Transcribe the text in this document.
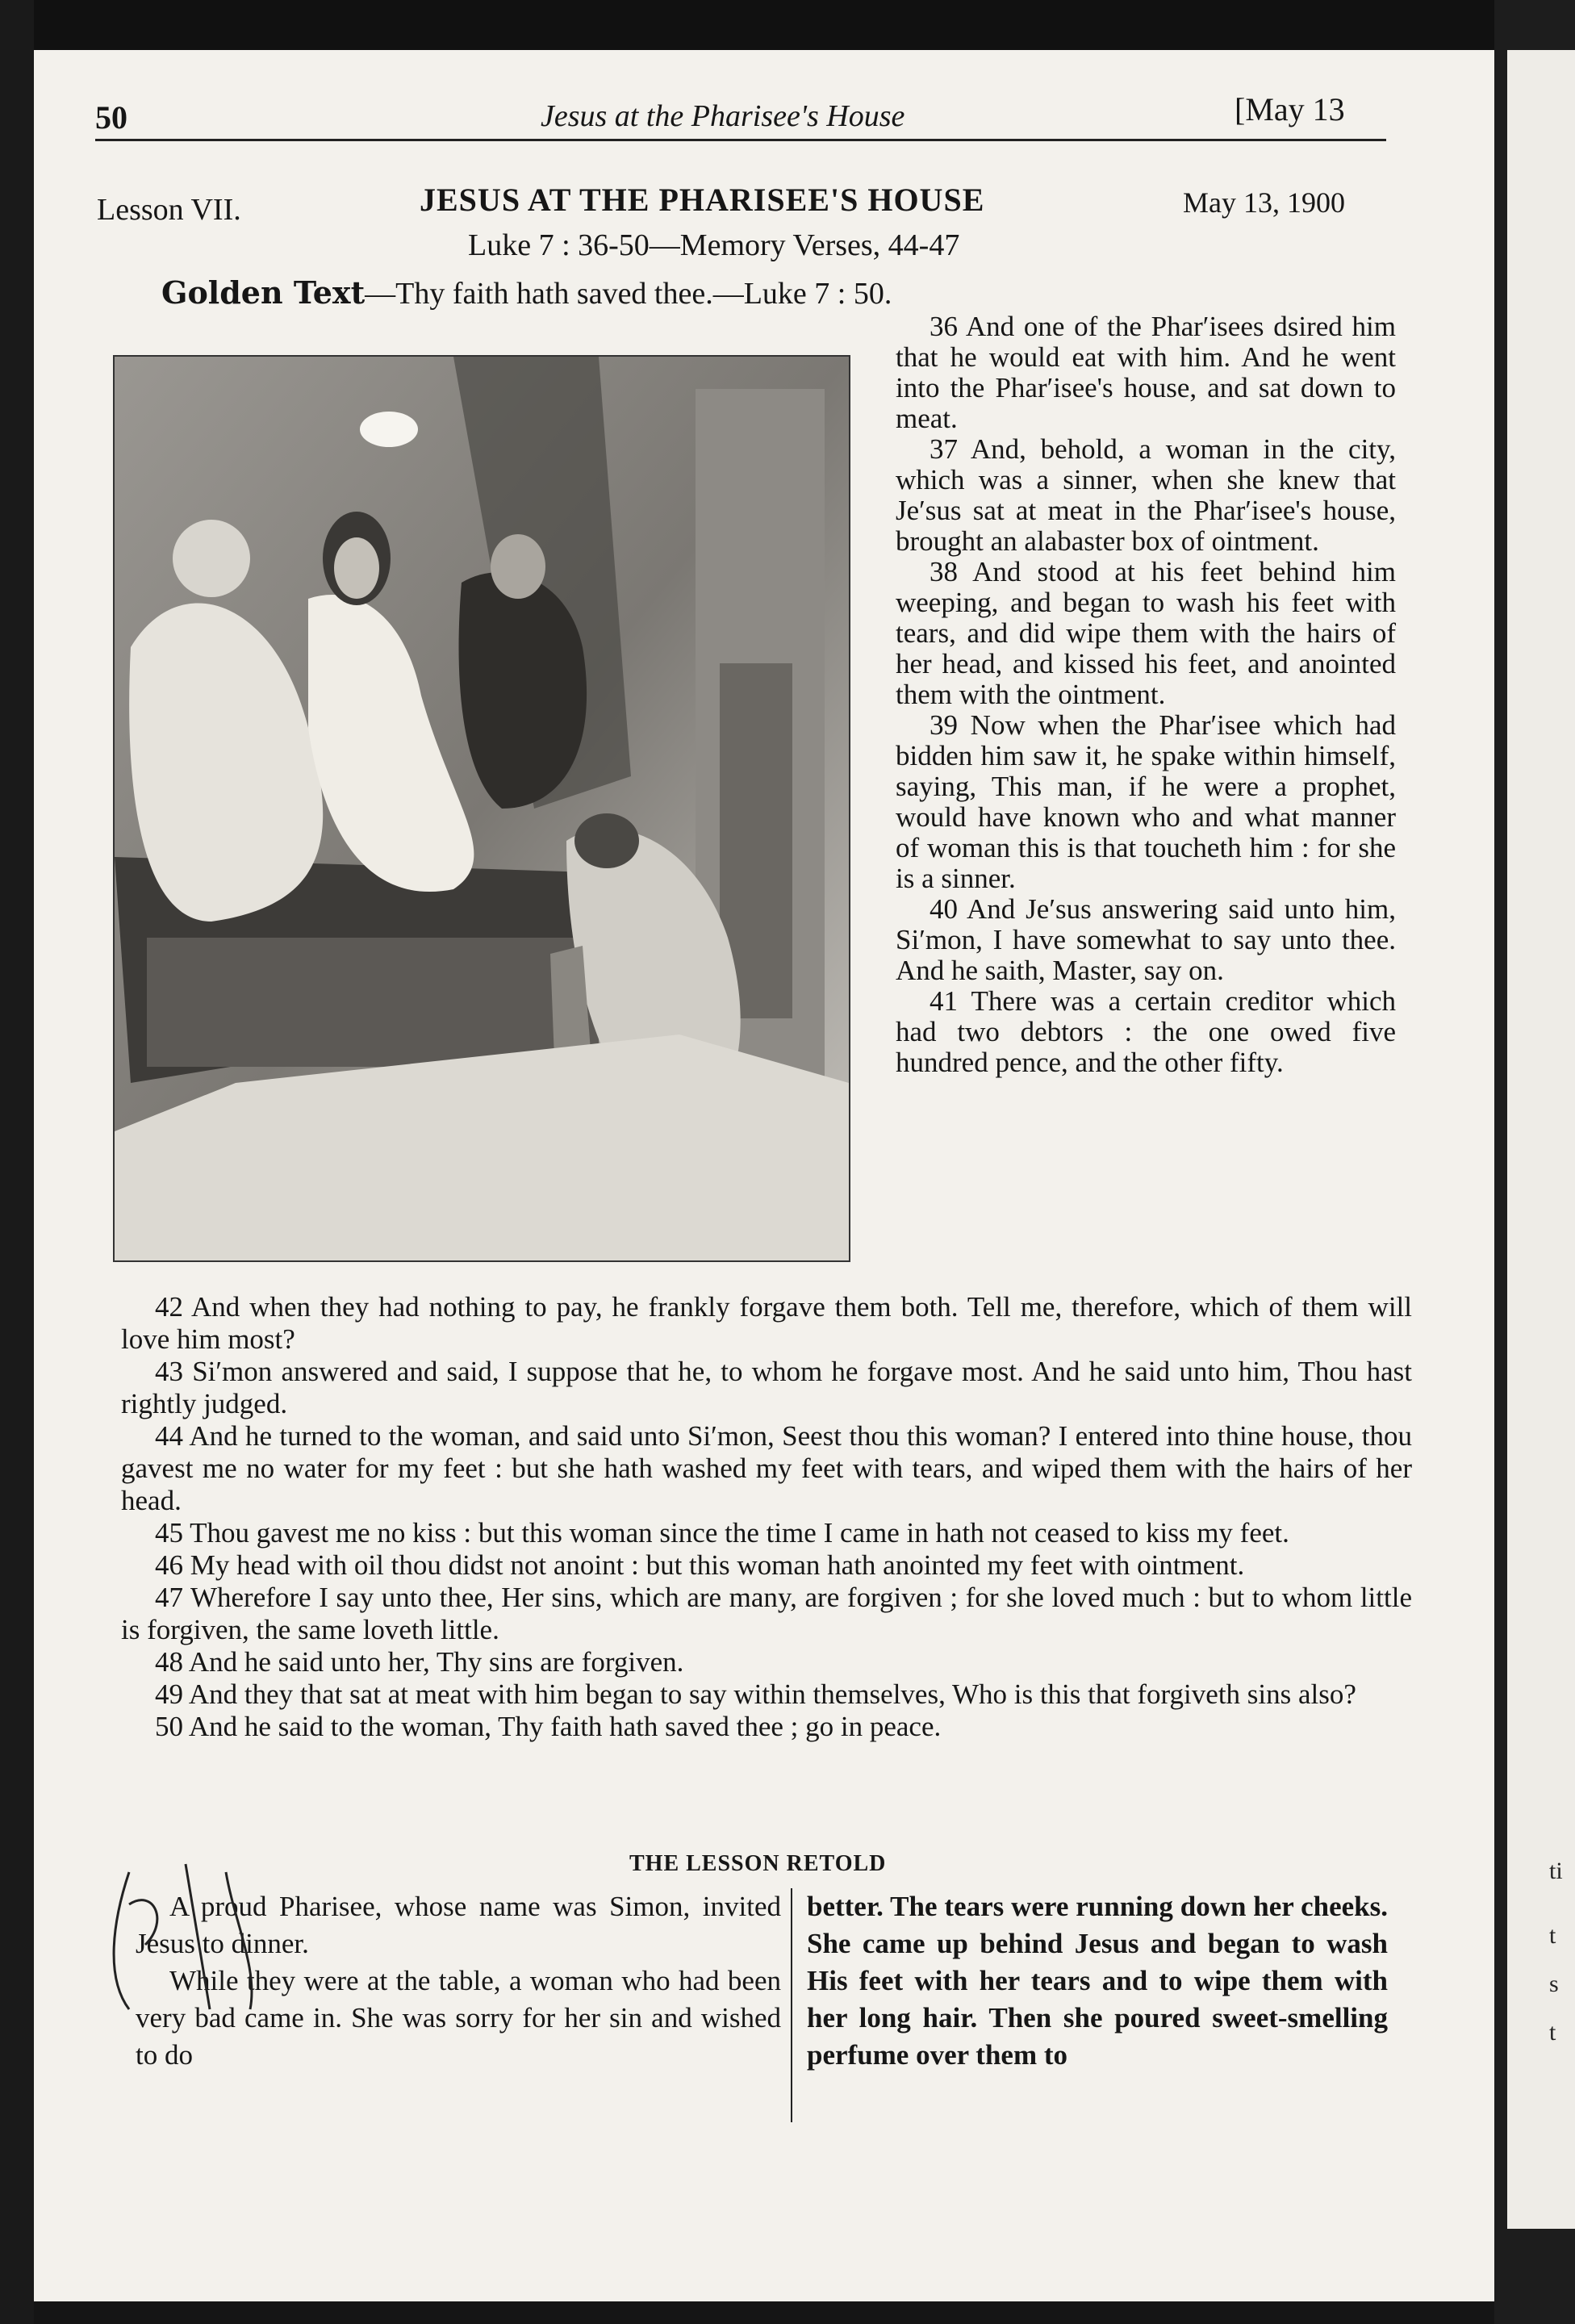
ti
t
s
t
50	Jesus at the Pharisee's House	[May 13
Lesson VII.	JESUS AT THE PHARISEE'S HOUSE	May 13, 1900
Luke 7 : 36-50—Memory Verses, 44-47
Golden Text—Thy faith hath saved thee.—Luke 7 : 50.

36 And one of the Phar′isees dsired him that he would eat with him. And he went into the Phar′isee's house, and sat down to meat.

37 And, behold, a woman in the city, which was a sinner, when she knew that Je′sus sat at meat in the Phar′isee's house, brought an alabaster box of ointment.

38 And stood at his feet behind him weeping, and began to wash his feet with tears, and did wipe them with the hairs of her head, and kissed his feet, and anointed them with the ointment.

39 Now when the Phar′isee which had bidden him saw it, he spake within himself, saying, This man, if he were a prophet, would have known who and what manner of woman this is that toucheth him : for she is a sinner.

40 And Je′sus answering said unto him, Si′mon, I have somewhat to say unto thee. And he saith, Master, say on.

41 There was a certain creditor which had two debtors : the one owed five hundred pence, and the other fifty.

42 And when they had nothing to pay, he frankly forgave them both. Tell me, therefore, which of them will love him most?

43 Si′mon answered and said, I suppose that he, to whom he forgave most. And he said unto him, Thou hast rightly judged.

44 And he turned to the woman, and said unto Si′mon, Seest thou this woman? I entered into thine house, thou gavest me no water for my feet : but she hath washed my feet with tears, and wiped them with the hairs of her head.

45 Thou gavest me no kiss : but this woman since the time I came in hath not ceased to kiss my feet.

46 My head with oil thou didst not anoint : but this woman hath anointed my feet with ointment.

47 Wherefore I say unto thee, Her sins, which are many, are forgiven ; for she loved much : but to whom little is forgiven, the same loveth little.

48 And he said unto her, Thy sins are forgiven.

49 And they that sat at meat with him began to say within themselves, Who is this that forgiveth sins also?

50 And he said to the woman, Thy faith hath saved thee ; go in peace.

THE LESSON RETOLD

A proud Pharisee, whose name was Simon, invited Jesus to dinner.

While they were at the table, a woman who had been very bad came in. She was sorry for her sin and wished to do

better. The tears were running down her cheeks. She came up behind Jesus and began to wash His feet with her tears and to wipe them with her long hair. Then she poured sweet-smelling perfume over them to
